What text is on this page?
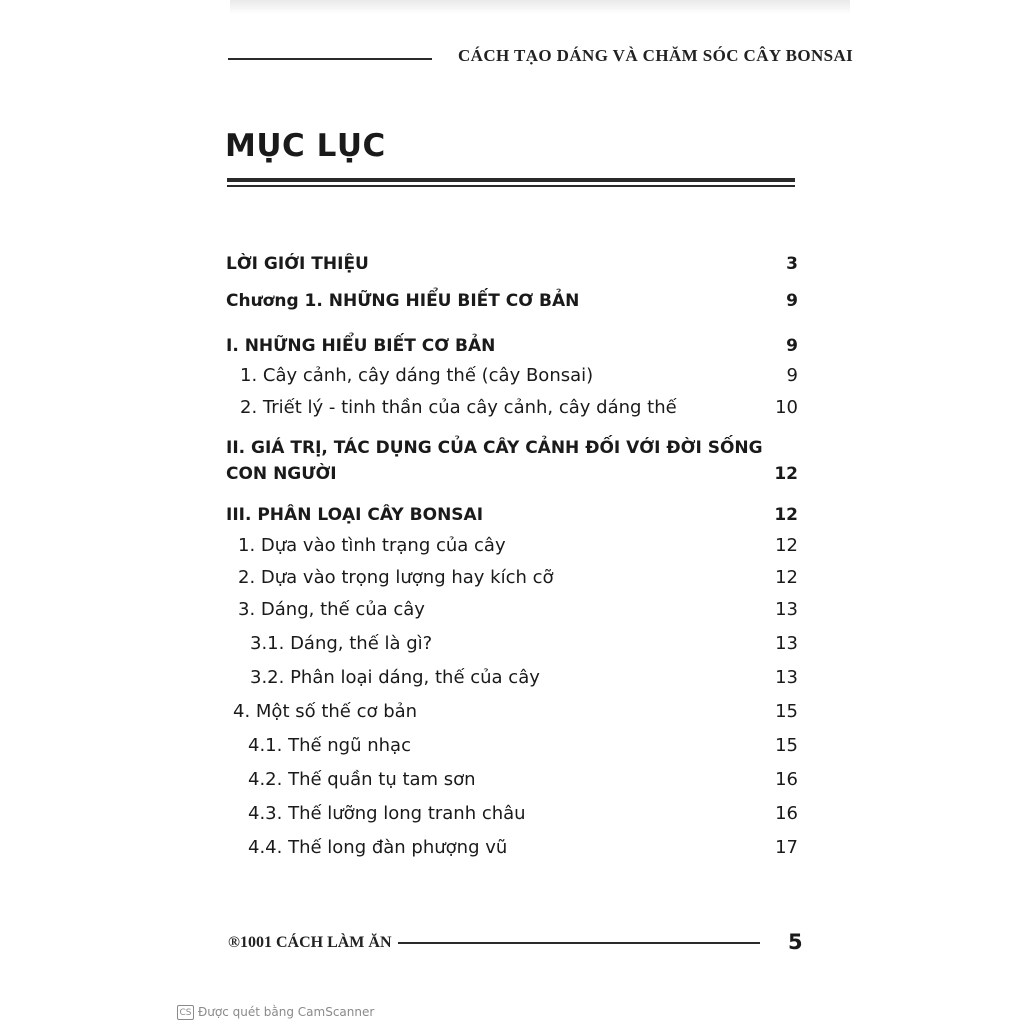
CÁCH TẠO DÁNG VÀ CHĂM SÓC CÂY BONSAI
MỤC LỤC
LỜI GIỚI THIỆU	3
Chương 1. NHỮNG HIỂU BIẾT CƠ BẢN	9
I. NHỮNG HIỂU BIẾT CƠ BẢN	9
1. Cây cảnh, cây dáng thế (cây Bonsai)	9
2. Triết lý - tinh thần của cây cảnh, cây dáng thế	10
II. GIÁ TRỊ, TÁC DỤNG CỦA CÂY CẢNH ĐỐI VỚI ĐỜI SỐNG
CON NGƯỜI	12
III. PHÂN LOẠI CÂY BONSAI	12
1. Dựa vào tình trạng của cây	12
2. Dựa vào trọng lượng hay kích cỡ	12
3. Dáng, thế của cây	13
3.1. Dáng, thế là gì?	13
3.2. Phân loại dáng, thế của cây	13
4. Một số thế cơ bản	15
4.1. Thế ngũ nhạc	15
4.2. Thế quần tụ tam sơn	16
4.3. Thế lưỡng long tranh châu	16
4.4. Thế long đàn phượng vũ	17
®1001 CÁCH LÀM ĂN	5
CS Được quét bằng CamScanner
